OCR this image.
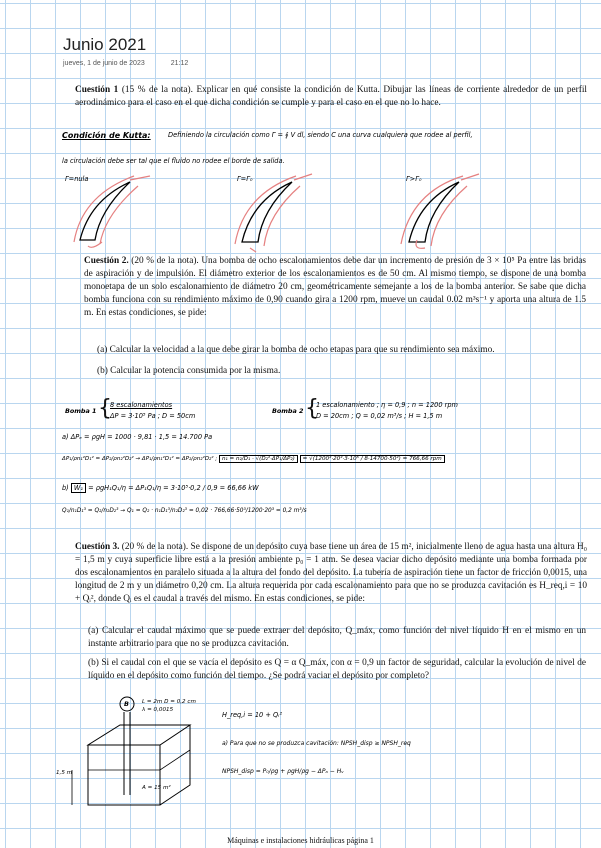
Junio 2021
jueves, 1 de junio de 2023	21:12
Cuestión 1 (15 % de la nota). Explicar en qué consiste la condición de Kutta. Dibujar las líneas de corriente alrededor de un perfil aerodinámico para el caso en el que dicha condición se cumple y para el caso en el que no lo hace.
Condición de Kutta:	Definiendo la circulación como Γ = ∮ V dl, siendo C una curva cualquiera que rodee al perfil,
la circulación debe ser tal que el fluido no rodee el borde de salida.
Γ=nula	Γ=Γ₀	Γ>Γ₀
Cuestión 2. (20 % de la nota). Una bomba de ocho escalonamientos debe dar un incremento de presión de 3 × 10⁵ Pa entre las bridas de aspiración y de impulsión. El diámetro exterior de los escalonamientos es de 50 cm. Al mismo tiempo, se dispone de una bomba monoetapa de un solo escalonamiento de diámetro 20 cm, geométricamente semejante a los de la bomba anterior. Se sabe que dicha bomba funciona con su rendimiento máximo de 0,90 cuando gira a 1200 rpm, mueve un caudal 0.02 m³s⁻¹ y aporta una altura de 1.5 m. En estas condiciones, se pide:
(a) Calcular la velocidad a la que debe girar la bomba de ocho etapas para que su rendimiento sea máximo.
(b) Calcular la potencia consumida por la misma.
Bomba 1 {
8 escalonamientos
ΔP = 3·10⁵ Pa ; D = 50cm
Bomba 2 {
1 escalonamiento ; η = 0,9 ; n = 1200 rpm
D = 20cm ; Q = 0,02 m³/s ; H = 1,5 m
a) ΔPₑ = ρgH = 1000 · 9,81 · 1,5 = 14.700 Pa
ΔP₁/ρn₁²D₁² = ΔP₂/ρn₂²D₂² → ΔP₁/ρn₁²D₁² = ΔP₂/ρn₂²D₂² ; n₁ = n₂/D₁ · √(D₂²·ΔP₁/ΔP₂) = √(1200²·20²·3·10⁵ / 8·14700·50²) = 766,66 rpm
b) Ẇ₁ = ρgH₁Q₁/η = ΔP₁Q₁/η = 3·10⁵·0,2 / 0,9 = 66,66 kW
Q₁/n₁D₁³ = Q₂/n₂D₂³ → Q₁ = Q₂ · n₁D₁³/n₂D₂³ = 0,02 · 766,66·50³/1200·20³ = 0,2 m³/s
Cuestión 3. (20 % de la nota). Se dispone de un depósito cuya base tiene un área de 15 m², inicialmente lleno de agua hasta una altura H₀ = 1,5 m y cuya superficie libre está a la presión ambiente p₀ = 1 atm. Se desea vaciar dicho depósito mediante una bomba formada por dos escalonamientos en paralelo situada a la altura del fondo del depósito. La tubería de aspiración tiene un factor de fricción 0,0015, una longitud de 2 m y un diámetro 0,20 cm. La altura requerida por cada escalonamiento para que no se produzca cavitación es H_req,i = 10 + Qᵢ², donde Qᵢ es el caudal a través del mismo. En estas condiciones, se pide:
(a) Calcular el caudal máximo que se puede extraer del depósito, Q_máx, como función del nivel líquido H en el mismo en un instante arbitrario para que no se produzca cavitación.
(b) Si el caudal con el que se vacía el depósito es Q = α Q_máx, con α = 0,9 un factor de seguridad, calcular la evolución de nivel de líquido en el depósito como función del tiempo. ¿Se podrá vaciar el depósito por completo?
B L = 2m D = 0,2 cm
λ = 0,0015
A = 15 m²
1,5 m
H_req,i = 10 + Qᵢ²
a) Para que no se produzca cavitación: NPSH_disp ≥ NPSH_req
NPSH_disp = P₀/ρg + ρgH/ρg − ΔPₐ − Hᵥ
Máquinas e instalaciones hidráulicas página 1
